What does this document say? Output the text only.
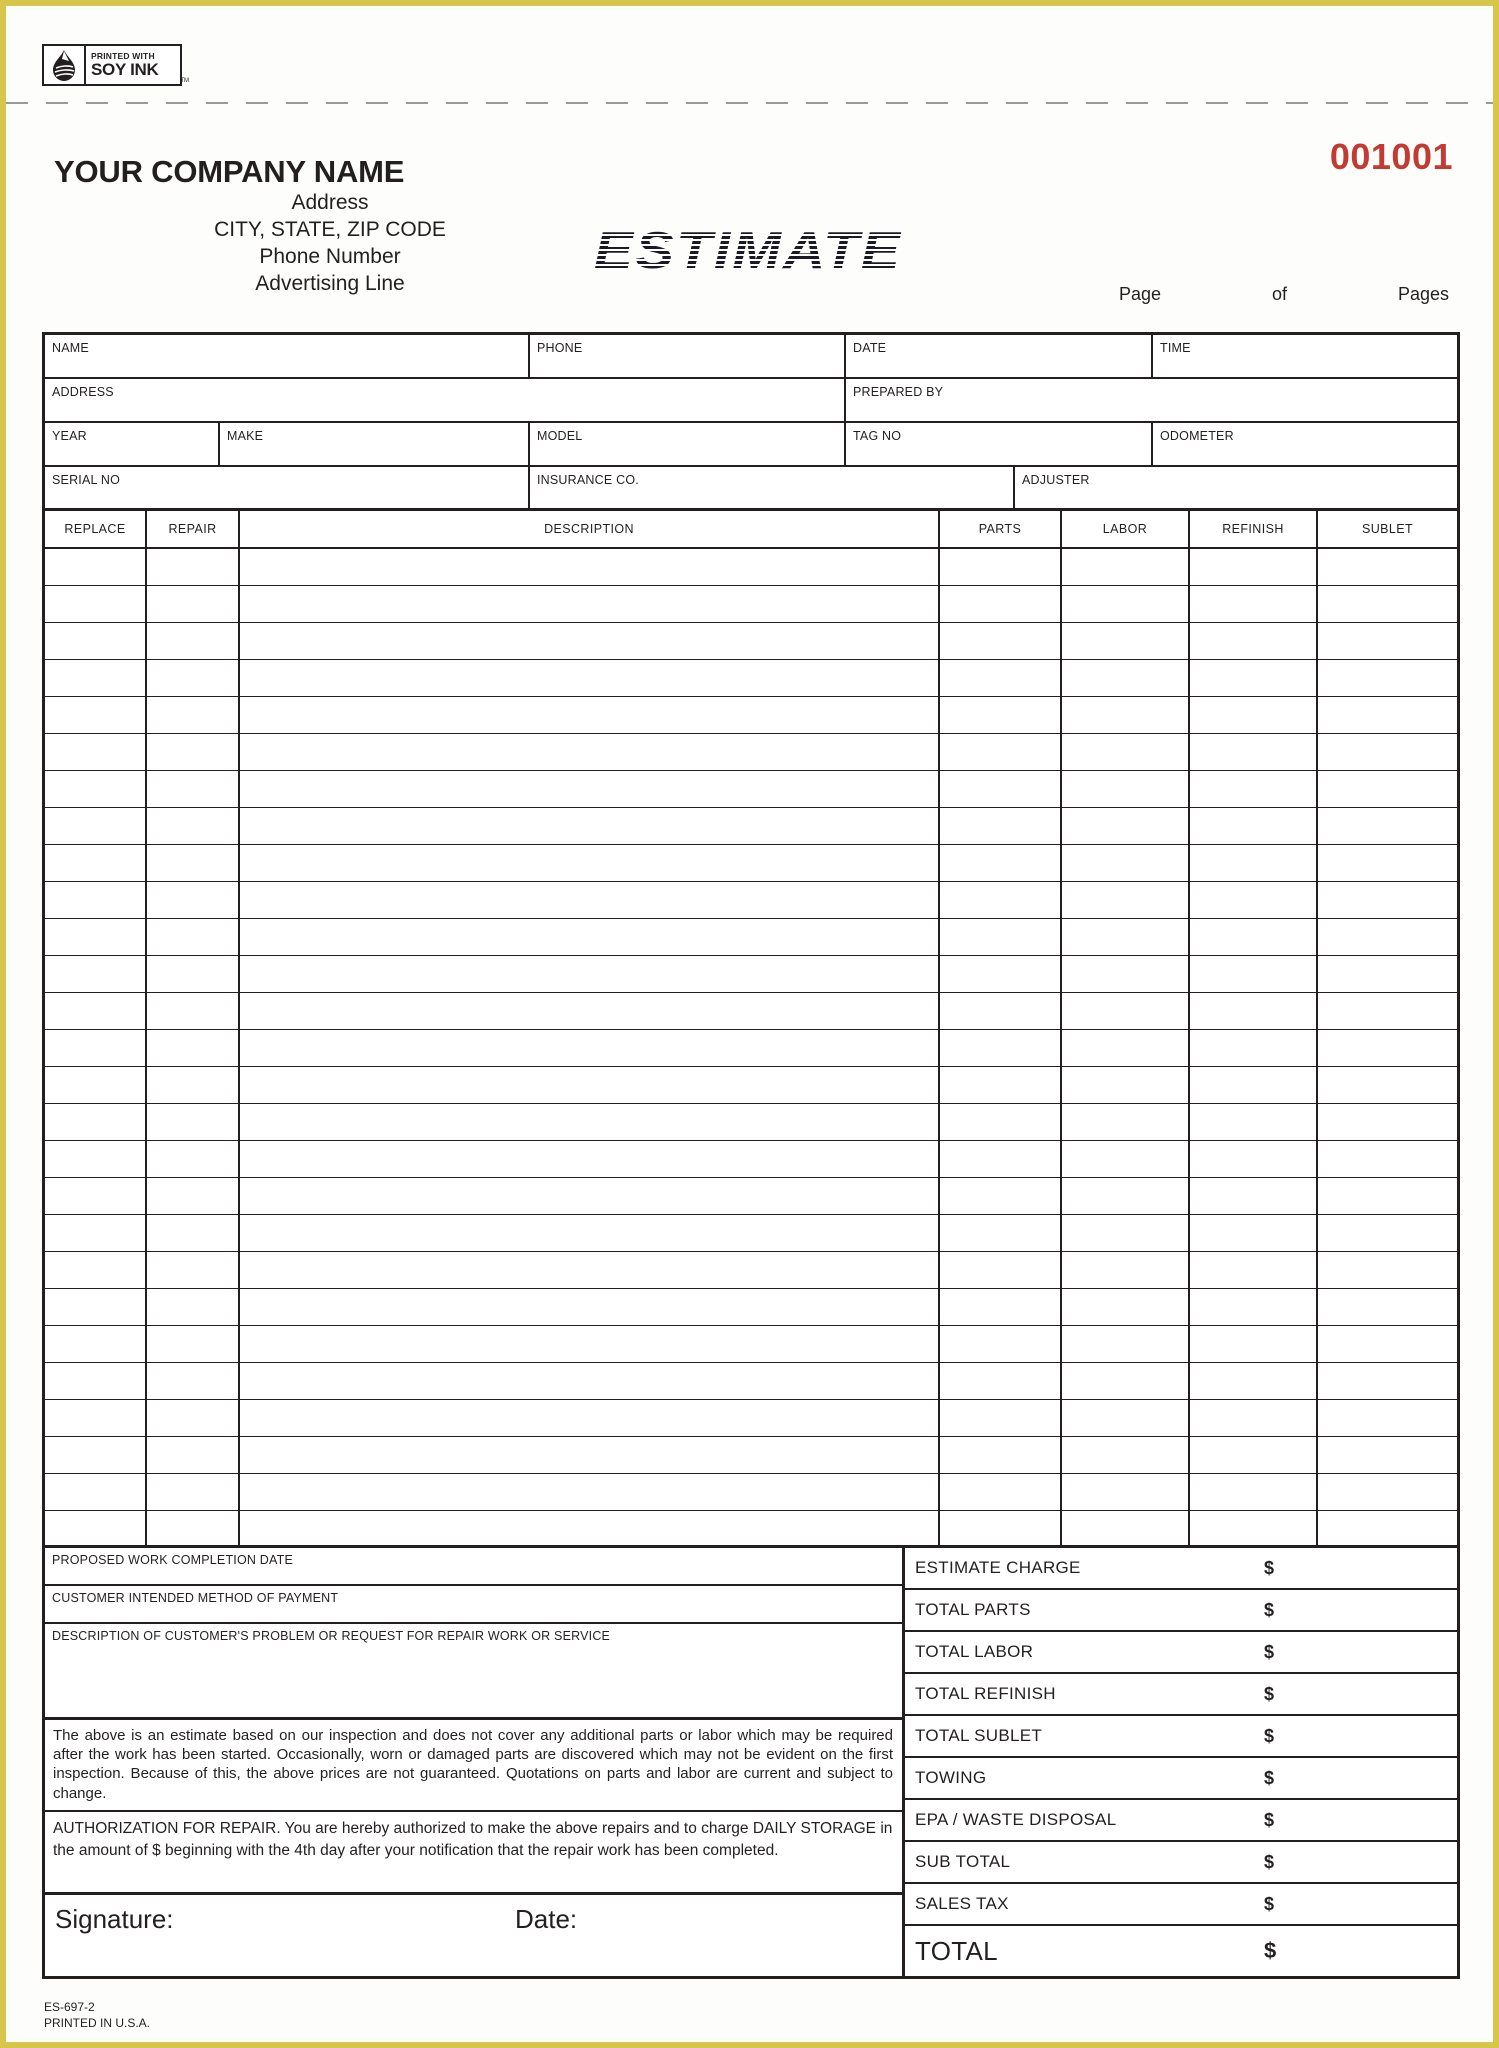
PRINTED WITH
SOY INK
TM
YOUR COMPANY NAME
Address
CITY, STATE, ZIP CODE
Phone Number
Advertising Line
ESTIMATE
001001
Page	of	Pages
NAME	PHONE	DATE	TIME
ADDRESS	PREPARED BY
YEAR	MAKE	MODEL	TAG NO	ODOMETER
SERIAL NO	INSURANCE CO.	ADJUSTER
REPLACE	REPAIR	DESCRIPTION	PARTS	LABOR	REFINISH	SUBLET
PROPOSED WORK COMPLETION DATE
CUSTOMER INTENDED METHOD OF PAYMENT
DESCRIPTION OF CUSTOMER'S PROBLEM OR REQUEST FOR REPAIR WORK OR SERVICE
The above is an estimate based on our inspection and does not cover any additional parts or labor which may be required after the work has been started. Occasionally, worn or damaged parts are discovered which may not be evident on the first inspection. Because of this, the above prices are not guaranteed. Quotations on parts and labor are current and subject to change.
AUTHORIZATION FOR REPAIR. You are hereby authorized to make the above repairs and to charge DAILY STORAGE in the amount of $ beginning with the 4th day after your notification that the repair work has been completed.
Signature:	Date:
ESTIMATE CHARGE	$
TOTAL PARTS	$
TOTAL LABOR	$
TOTAL REFINISH	$
TOTAL SUBLET	$
TOWING	$
EPA / WASTE DISPOSAL	$
SUB TOTAL	$
SALES TAX	$
TOTAL	$
ES-697-2
PRINTED IN U.S.A.
